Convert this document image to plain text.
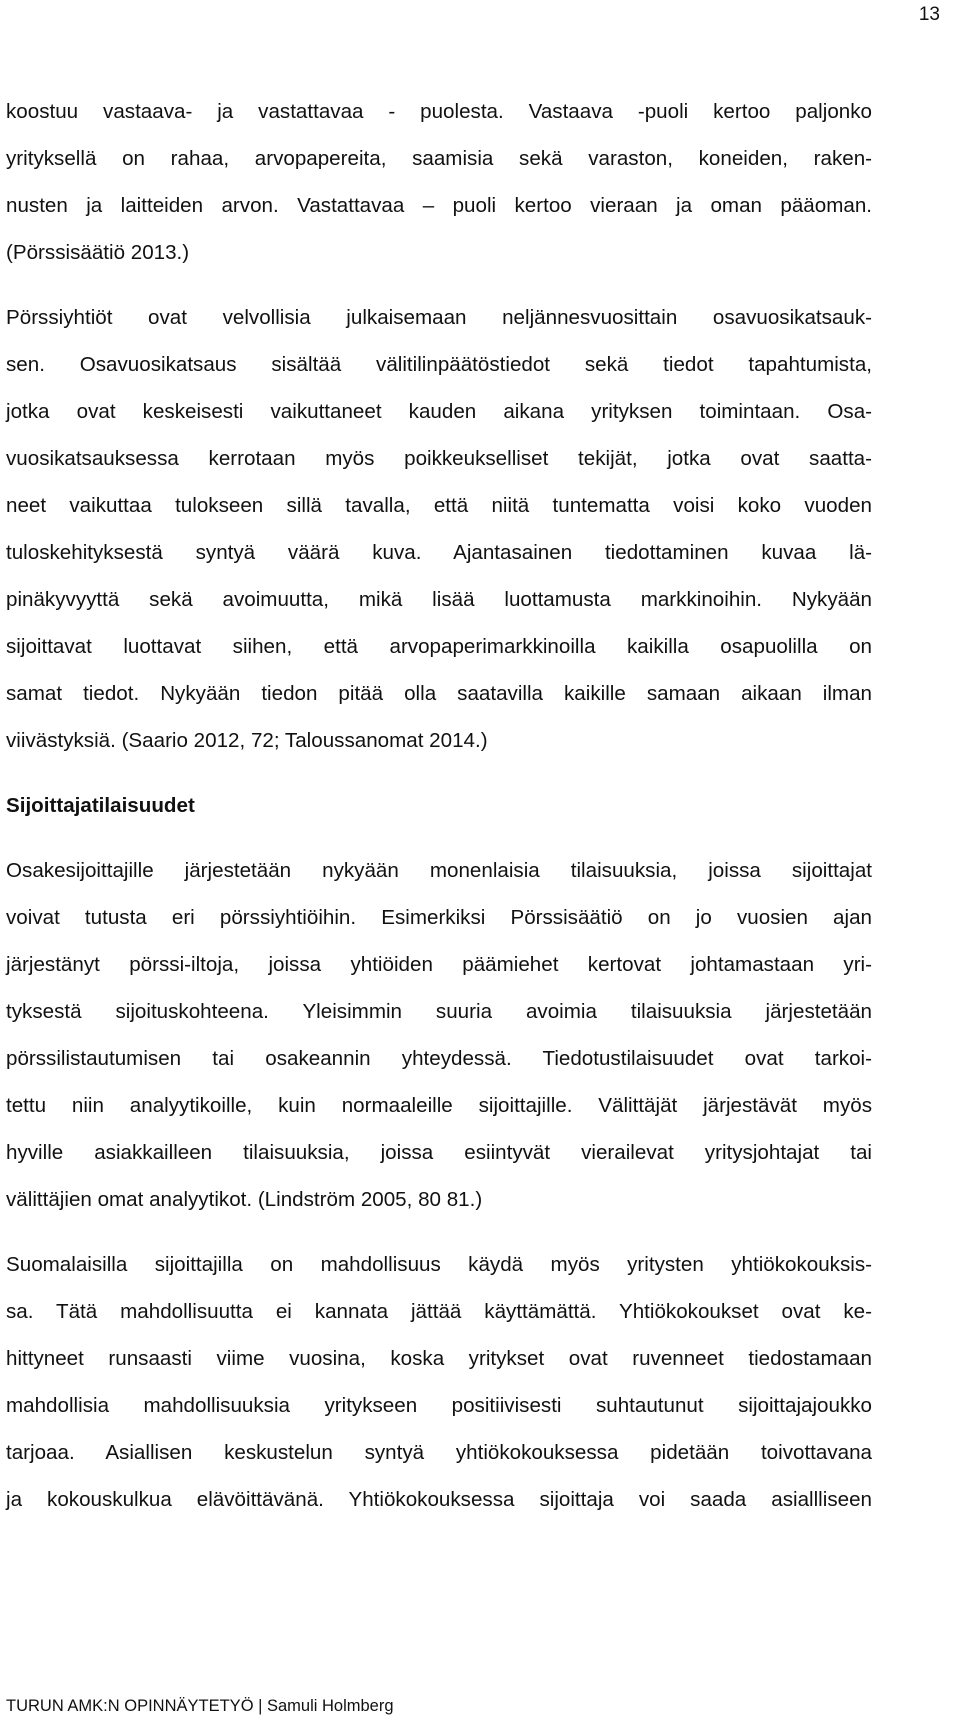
13
koostuu vastaava- ja vastattavaa - puolesta. Vastaava -puoli kertoo paljonko
yrityksellä on rahaa, arvopapereita, saamisia sekä varaston, koneiden, raken-
nusten ja laitteiden arvon. Vastattavaa – puoli kertoo vieraan ja oman pääoman.
(Pörssisäätiö 2013.)
Pörssiyhtiöt ovat velvollisia julkaisemaan neljännesvuosittain osavuosikatsauk-
sen. Osavuosikatsaus sisältää välitilinpäätöstiedot sekä tiedot tapahtumista,
jotka ovat keskeisesti vaikuttaneet kauden aikana yrityksen toimintaan. Osa-
vuosikatsauksessa kerrotaan myös poikkeukselliset tekijät, jotka ovat saatta-
neet vaikuttaa tulokseen sillä tavalla, että niitä tuntematta voisi koko vuoden
tuloskehityksestä syntyä väärä kuva. Ajantasainen tiedottaminen kuvaa lä-
pinäkyvyyttä sekä avoimuutta, mikä lisää luottamusta markkinoihin. Nykyään
sijoittavat luottavat siihen, että arvopaperimarkkinoilla kaikilla osapuolilla on
samat tiedot. Nykyään tiedon pitää olla saatavilla kaikille samaan aikaan ilman
viivästyksiä. (Saario 2012, 72; Taloussanomat 2014.)
Sijoittajatilaisuudet
Osakesijoittajille järjestetään nykyään monenlaisia tilaisuuksia, joissa sijoittajat
voivat tutusta eri pörssiyhtiöihin. Esimerkiksi Pörssisäätiö on jo vuosien ajan
järjestänyt pörssi-iltoja, joissa yhtiöiden päämiehet kertovat johtamastaan yri-
tyksestä sijoituskohteena. Yleisimmin suuria avoimia tilaisuuksia järjestetään
pörssilistautumisen tai osakeannin yhteydessä. Tiedotustilaisuudet ovat tarkoi-
tettu niin analyytikoille, kuin normaaleille sijoittajille. Välittäjät järjestävät myös
hyville asiakkailleen tilaisuuksia, joissa esiintyvät vierailevat yritysjohtajat tai
välittäjien omat analyytikot. (Lindström 2005, 80 81.)
Suomalaisilla sijoittajilla on mahdollisuus käydä myös yritysten yhtiökokouksis-
sa. Tätä mahdollisuutta ei kannata jättää käyttämättä. Yhtiökokoukset ovat ke-
hittyneet runsaasti viime vuosina, koska yritykset ovat ruvenneet tiedostamaan
mahdollisia mahdollisuuksia yritykseen positiivisesti suhtautunut sijoittajajoukko
tarjoaa. Asiallisen keskustelun syntyä yhtiökokouksessa pidetään toivottavana
ja kokouskulkua elävöittävänä. Yhtiökokouksessa sijoittaja voi saada asiallliseen
TURUN AMK:N OPINNÄYTETYÖ | Samuli Holmberg
